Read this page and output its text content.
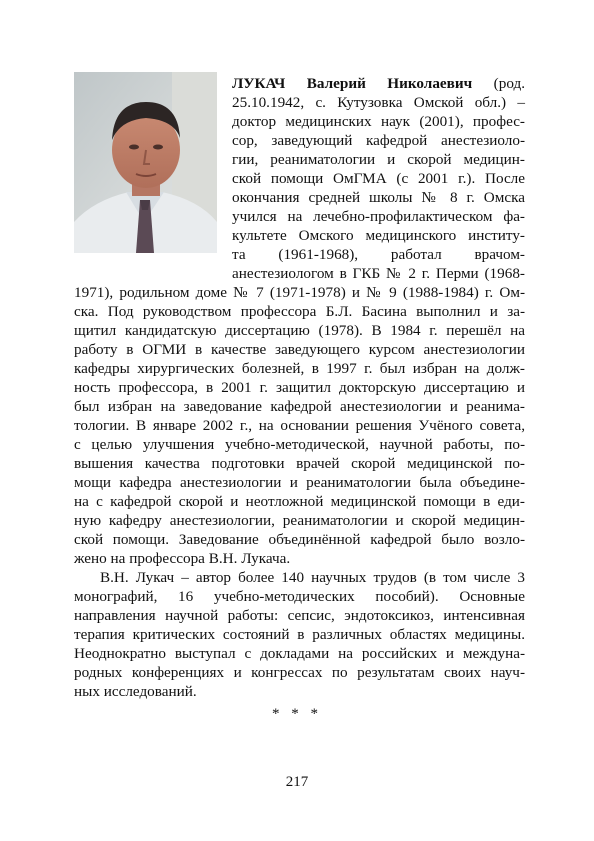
ЛУКАЧ Валерий Николаевич (род.
25.10.1942, с. Кутузовка Омской обл.) –
доктор медицинских наук (2001), профес-
сор, заведующий кафедрой анестезиоло-
гии, реаниматологии и скорой медицин-
ской помощи ОмГМА (с 2001 г.). После
окончания средней школы № 8 г. Омска
учился на лечебно-профилактическом фа-
культете Омского медицинского институ-
та (1961-1968), работал врачом-
анестезиологом в ГКБ № 2 г. Перми (1968-
1971), родильном доме № 7 (1971-1978) и № 9 (1988-1984) г. Ом-
ска. Под руководством профессора Б.Л. Басина выполнил и за-
щитил кандидатскую диссертацию (1978). В 1984 г. перешёл на
работу в ОГМИ в качестве заведующего курсом анестезиологии
кафедры хирургических болезней, в 1997 г. был избран на долж-
ность профессора, в 2001 г. защитил докторскую диссертацию и
был избран на заведование кафедрой анестезиологии и реанима-
тологии. В январе 2002 г., на основании решения Учёного совета,
с целью улучшения учебно-методической, научной работы, по-
вышения качества подготовки врачей скорой медицинской по-
мощи кафедра анестезиологии и реаниматологии была объедине-
на с кафедрой скорой и неотложной медицинской помощи в еди-
ную кафедру анестезиологии, реаниматологии и скорой медицин-
ской помощи. Заведование объединённой кафедрой было возло-
жено на профессора В.Н. Лукача.
В.Н. Лукач – автор более 140 научных трудов (в том числе 3
монографий, 16 учебно-методических пособий). Основные
направления научной работы: сепсис, эндотоксикоз, интенсивная
терапия критических состояний в различных областях медицины.
Неоднократно выступал с докладами на российских и междуна-
родных конференциях и конгрессах по результатам своих науч-
ных исследований.
* * *
217
